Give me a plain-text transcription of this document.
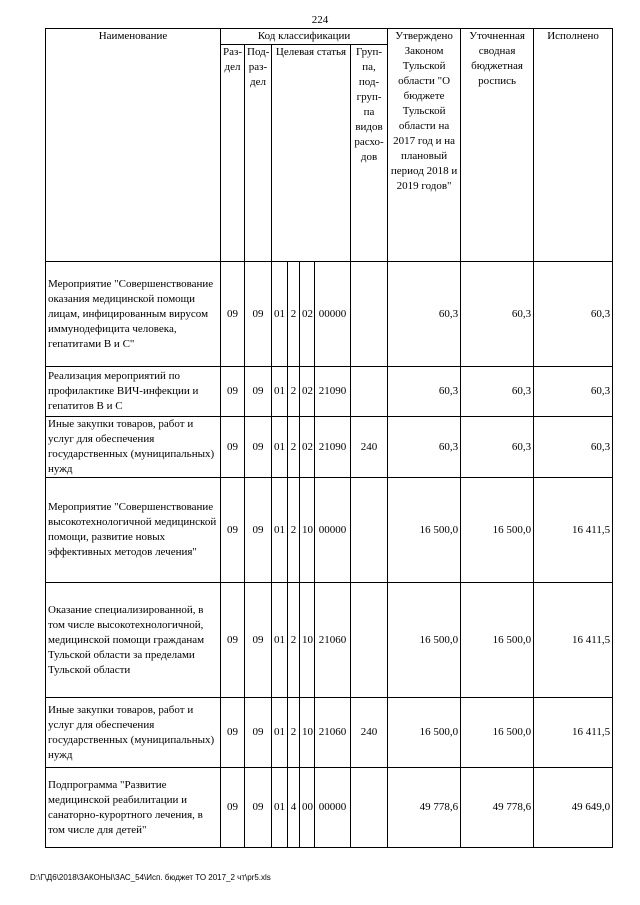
224
Наименование	Код классификации							Утверждено Законом Тульской области "О бюджете Тульской области на 2017 год и на плановый период 2018 и 2019 годов"	Уточненная сводная бюджетная роспись	Исполнено
	Раз- дел	Под- раз- дел	Целевая статья				Груп- па, под- груп- па видов расхо- дов			
Мероприятие "Совершенствование оказания медицинской помощи лицам, инфицированным вирусом иммунодефицита человека, гепатитами В и С"	09	09	01	2	02	00000		60,3	60,3	60,3
Реализация мероприятий по профилактике ВИЧ-инфекции и гепатитов В и С	09	09	01	2	02	21090		60,3	60,3	60,3
Иные закупки товаров, работ и услуг для обеспечения государственных (муниципальных) нужд	09	09	01	2	02	21090	240	60,3	60,3	60,3
Мероприятие "Совершенствование высокотехнологичной медицинской помощи, развитие новых эффективных методов лечения"	09	09	01	2	10	00000		16 500,0	16 500,0	16 411,5
Оказание специализированной, в том числе высокотехнологичной, медицинской помощи гражданам Тульской области за пределами Тульской области	09	09	01	2	10	21060		16 500,0	16 500,0	16 411,5
Иные закупки товаров, работ и услуг для обеспечения государственных (муниципальных) нужд	09	09	01	2	10	21060	240	16 500,0	16 500,0	16 411,5
Подпрограмма "Развитие медицинской реабилитации и санаторно-курортного лечения, в том числе для детей"	09	09	01	4	00	00000		49 778,6	49 778,6	49 649,0
D:\Г\Д6\2018\ЗАКОНЫ\ЗАС_54\Исп. бюджет ТО 2017_2 чт\pr5.xls
